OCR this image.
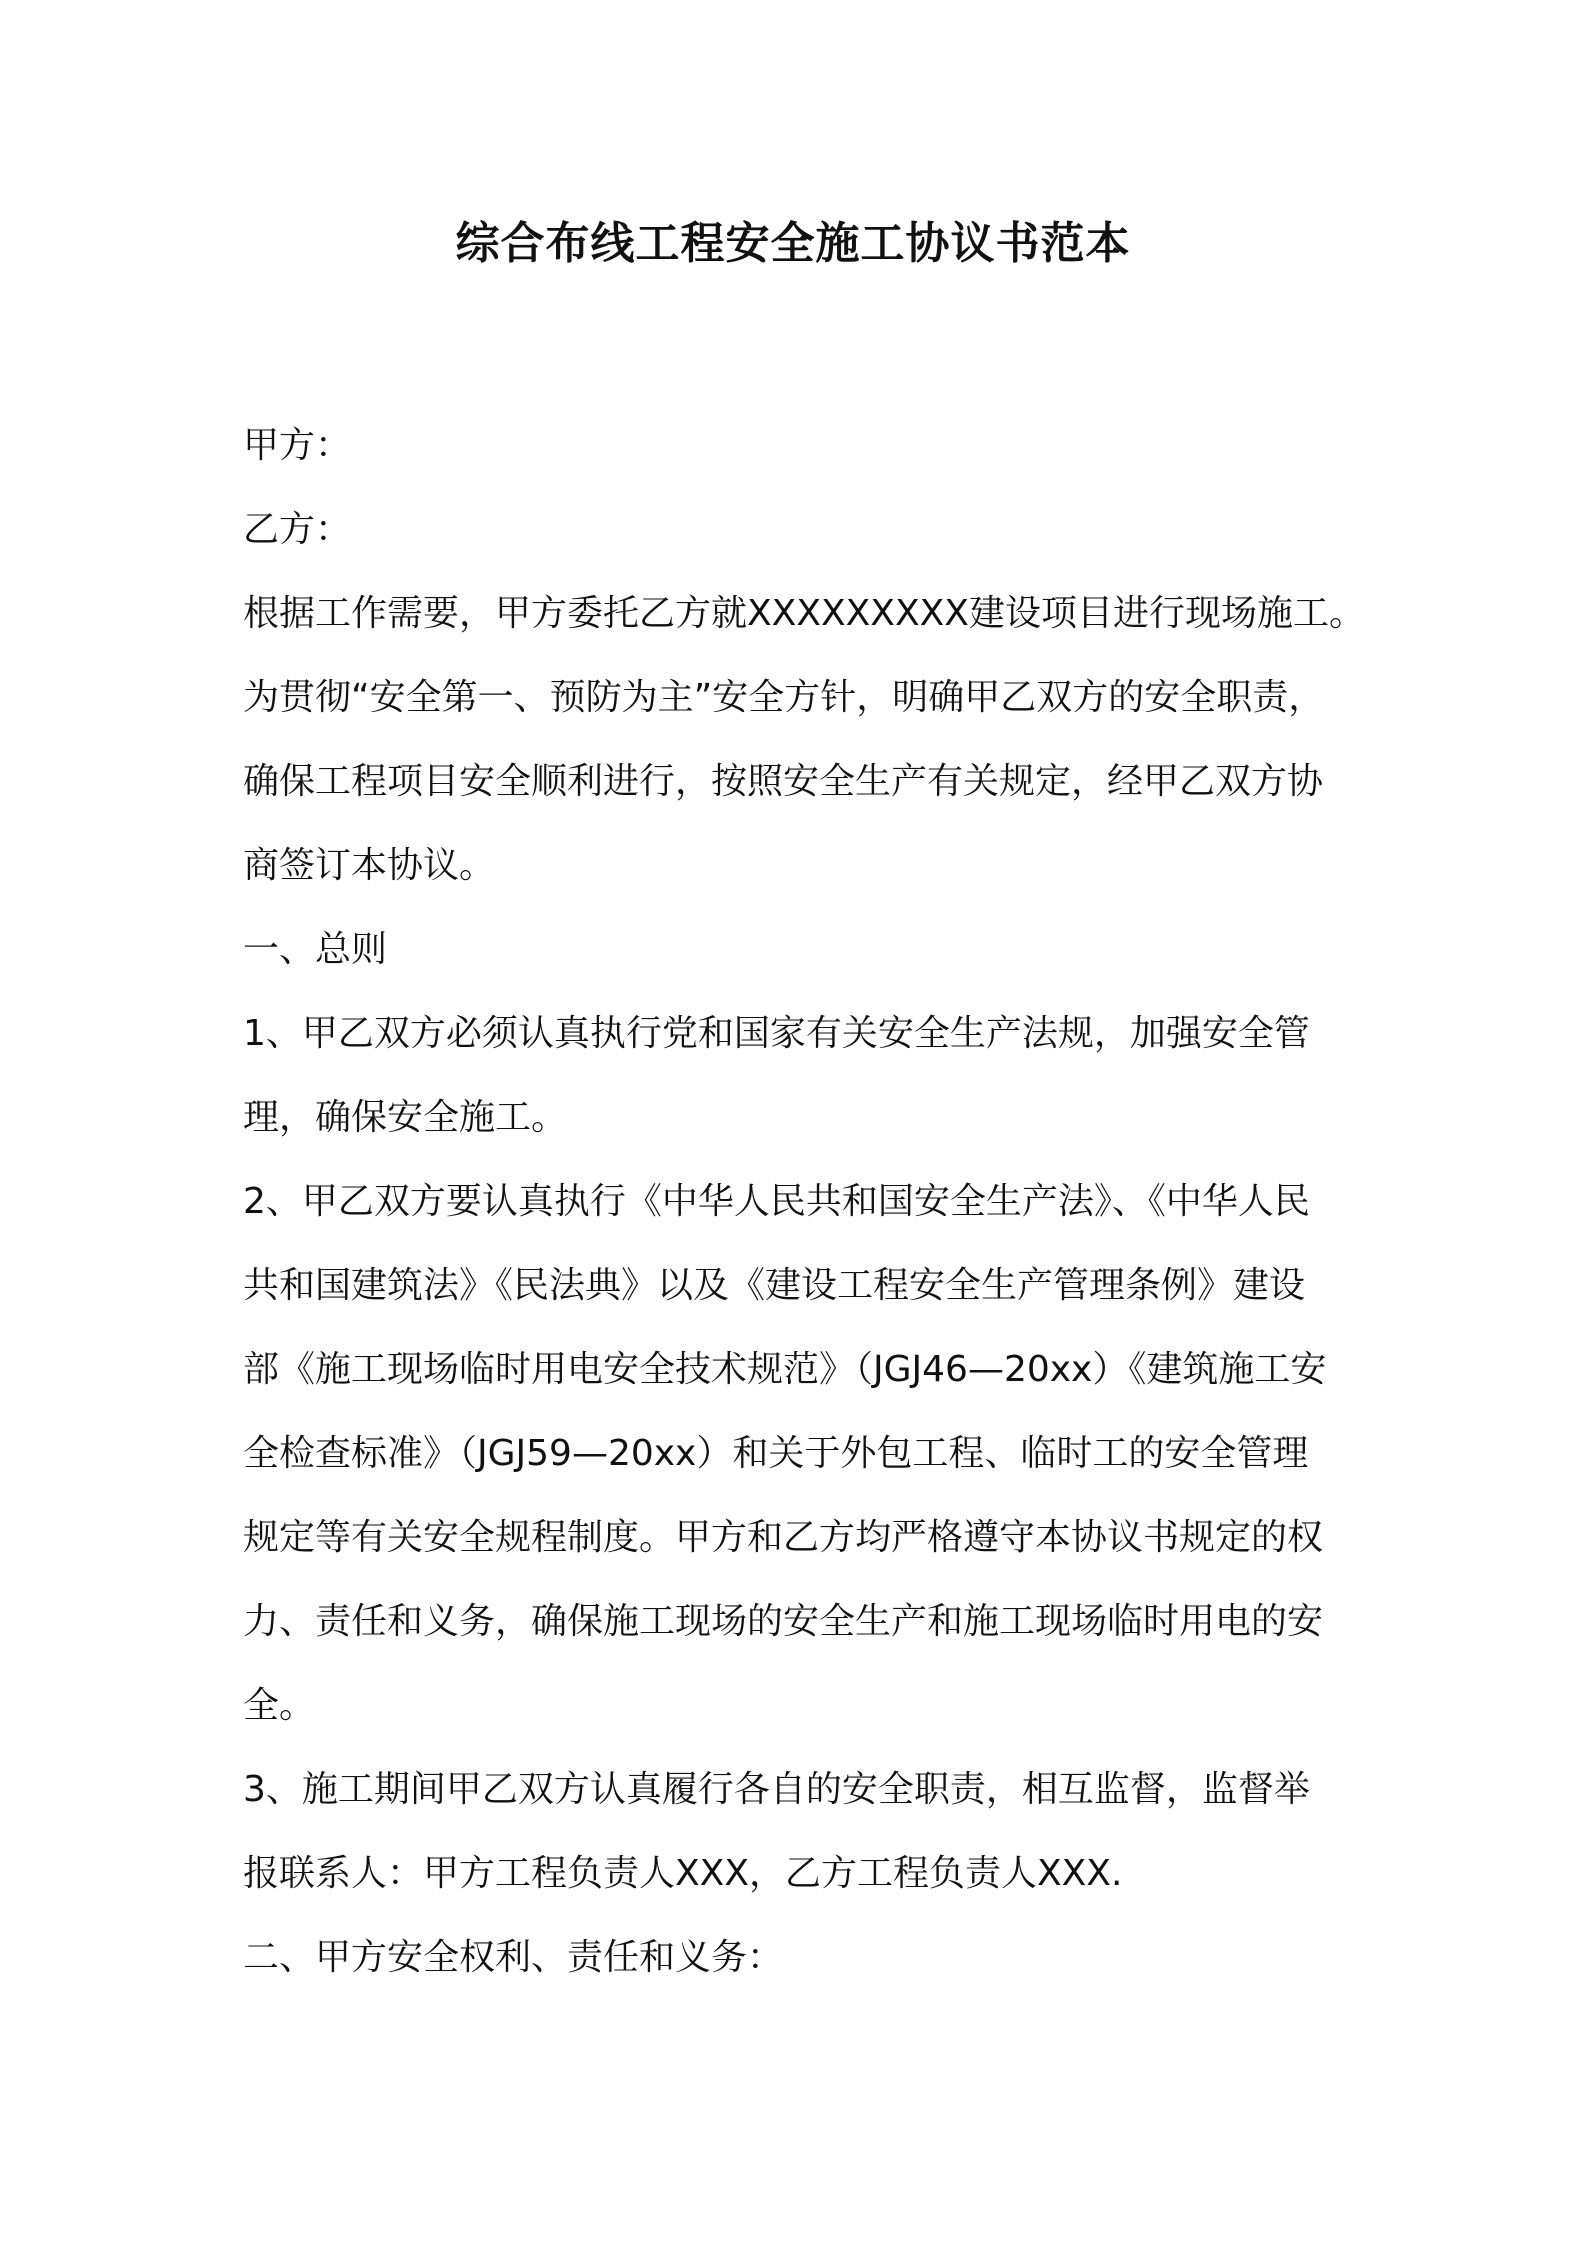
综合布线工程安全施工协议书范本
甲方：
乙方：
根据工作需要，甲方委托乙方就XXXXXXXXX建设项目进行现场施工。
为贯彻“安全第一、预防为主”安全方针，明确甲乙双方的安全职责，
确保工程项目安全顺利进行，按照安全生产有关规定，经甲乙双方协
商签订本协议。
一、总则
1、甲乙双方必须认真执行党和国家有关安全生产法规，加强安全管
理，确保安全施工。
2、甲乙双方要认真执行《中华人民共和国安全生产法》、《中华人民
共和国建筑法》《民法典》以及《建设工程安全生产管理条例》建设
部《施工现场临时用电安全技术规范》（JGJ46—20xx）《建筑施工安
全检查标准》（JGJ59—20xx）和关于外包工程、临时工的安全管理
规定等有关安全规程制度。甲方和乙方均严格遵守本协议书规定的权
力、责任和义务，确保施工现场的安全生产和施工现场临时用电的安
全。
3、施工期间甲乙双方认真履行各自的安全职责，相互监督，监督举
报联系人：甲方工程负责人XXX，乙方工程负责人XXX.
二、甲方安全权利、责任和义务：
